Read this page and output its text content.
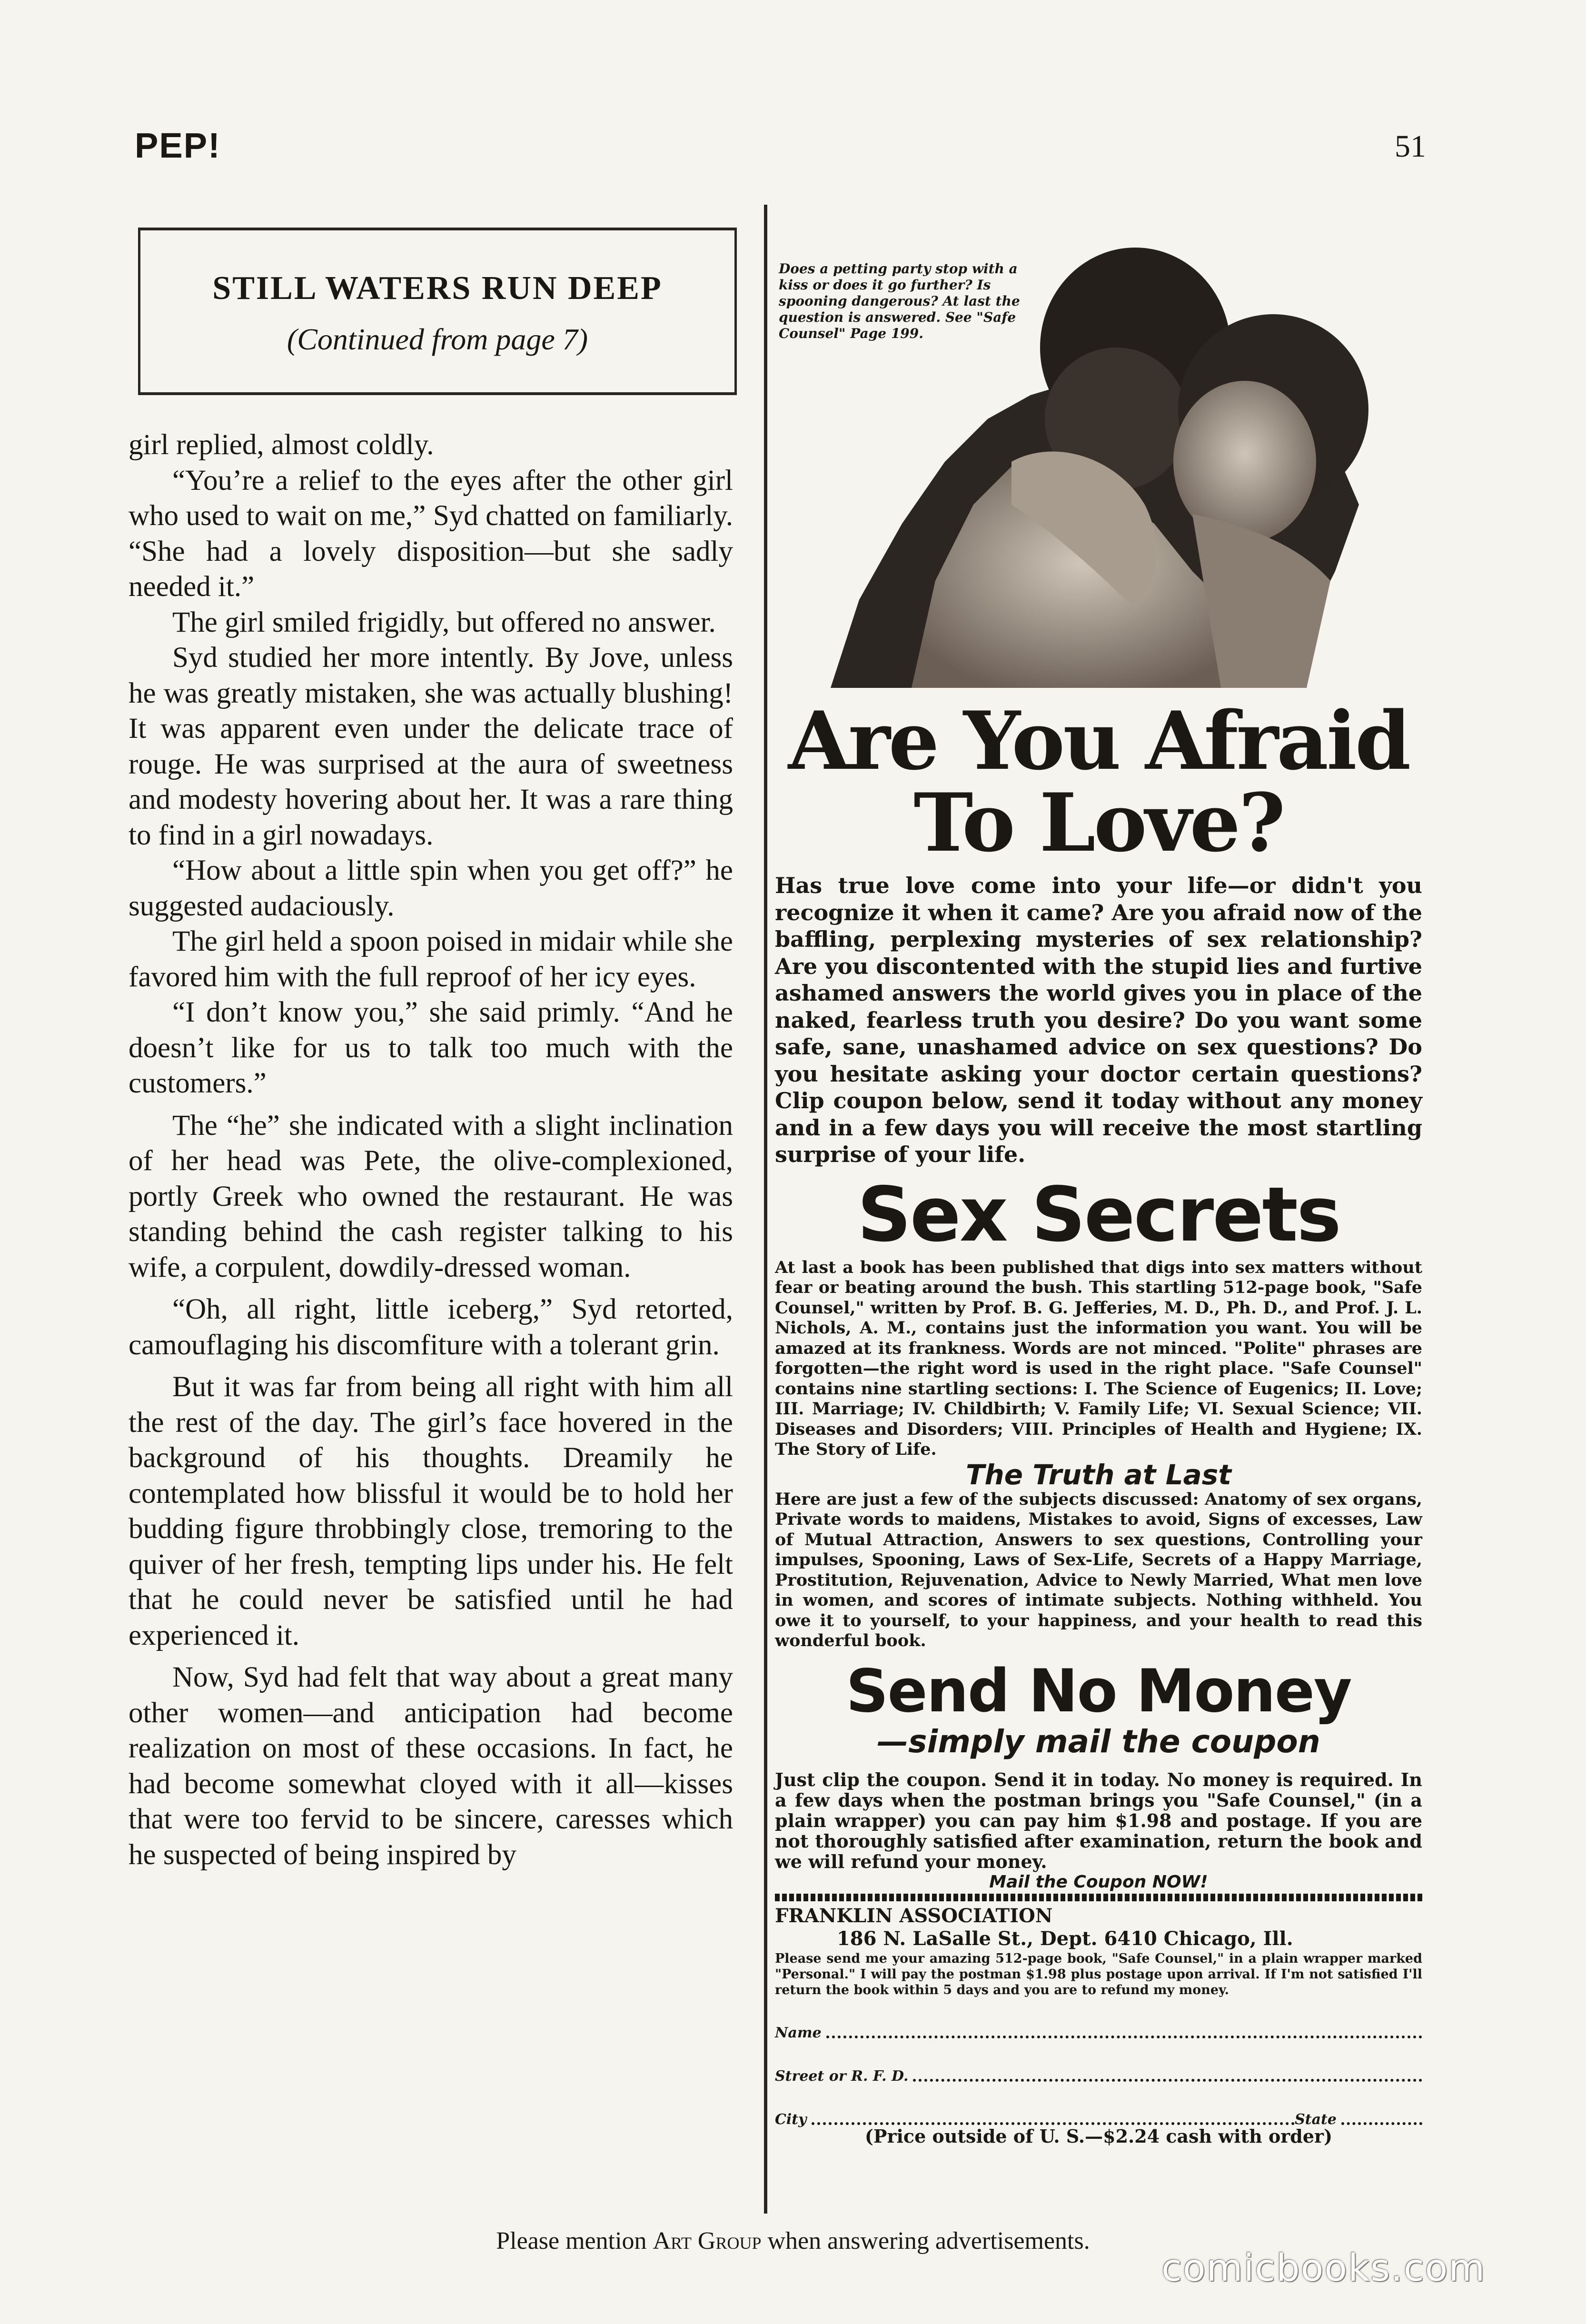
PEP!	51
STILL WATERS RUN DEEP
(Continued from page 7)

girl replied, almost coldly.

“You’re a relief to the eyes after the other girl who used to wait on me,” Syd chatted on familiarly. “She had a lovely disposition—but she sadly needed it.”

The girl smiled frigidly, but offered no answer.

Syd studied her more intently. By Jove, unless he was greatly mistaken, she was actually blushing! It was apparent even under the delicate trace of rouge. He was surprised at the aura of sweetness and modesty hovering about her. It was a rare thing to find in a girl nowadays.

“How about a little spin when you get off?” he suggested audaciously.

The girl held a spoon poised in midair while she favored him with the full reproof of her icy eyes.

“I don’t know you,” she said primly. “And he doesn’t like for us to talk too much with the customers.”

The “he” she indicated with a slight inclination of her head was Pete, the olive-complexioned, portly Greek who owned the restaurant. He was standing behind the cash register talking to his wife, a corpulent, dowdily-dressed woman.

“Oh, all right, little iceberg,” Syd retorted, camouflaging his discomfiture with a tolerant grin.

But it was far from being all right with him all the rest of the day. The girl’s face hovered in the background of his thoughts. Dreamily he contemplated how blissful it would be to hold her budding figure throbbingly close, tremoring to the quiver of her fresh, tempting lips under his. He felt that he could never be satisfied until he had experienced it.

Now, Syd had felt that way about a great many other women—and anticipation had become realization on most of these occasions. In fact, he had become somewhat cloyed with it all—kisses that were too fervid to be sincere, caresses which he suspected of being inspired by

Does a petting party stop with a kiss or does it go further? Is spooning dangerous? At last the question is answered. See "Safe Counsel" Page 199.
Are You Afraid
To Love?

Has true love come into your life—or didn't you recognize it when it came? Are you afraid now of the baffling, perplexing mysteries of sex relationship? Are you discontented with the stupid lies and furtive ashamed answers the world gives you in place of the naked, fearless truth you desire? Do you want some safe, sane, unashamed advice on sex questions? Do you hesitate asking your doctor certain questions? Clip coupon below, send it today without any money and in a few days you will receive the most startling surprise of your life.

Sex Secrets

At last a book has been published that digs into sex matters without fear or beating around the bush. This startling 512-page book, "Safe Counsel," written by Prof. B. G. Jefferies, M. D., Ph. D., and Prof. J. L. Nichols, A. M., contains just the information you want. You will be amazed at its frankness. Words are not minced. "Polite" phrases are forgotten—the right word is used in the right place. "Safe Counsel" contains nine startling sections: I. The Science of Eugenics; II. Love; III. Marriage; IV. Childbirth; V. Family Life; VI. Sexual Science; VII. Diseases and Disorders; VIII. Principles of Health and Hygiene; IX. The Story of Life.

The Truth at Last

Here are just a few of the subjects discussed: Anatomy of sex organs, Private words to maidens, Mistakes to avoid, Signs of excesses, Law of Mutual Attraction, Answers to sex questions, Controlling your impulses, Spooning, Laws of Sex-Life, Secrets of a Happy Marriage, Prostitution, Rejuvenation, Advice to Newly Married, What men love in women, and scores of intimate subjects. Nothing withheld. You owe it to yourself, to your happiness, and your health to read this wonderful book.

Send No Money
—simply mail the coupon

Just clip the coupon. Send it in today. No money is required. In a few days when the postman brings you "Safe Counsel," (in a plain wrapper) you can pay him $1.98 and postage. If you are not thoroughly satisfied after examination, return the book and we will refund your money.

Mail the Coupon NOW!
FRANKLIN ASSOCIATION
186 N. LaSalle St., Dept. 6410 Chicago, Ill.

Please send me your amazing 512-page book, "Safe Counsel," in a plain wrapper marked "Personal." I will pay the postman $1.98 plus postage upon arrival. If I'm not satisfied I'll return the book within 5 days and you are to refund my money.

Name
Street or R. F. D.
City	State
(Price outside of U. S.—$2.24 cash with order)
Please mention Art Group when answering advertisements.
comicbooks.com
